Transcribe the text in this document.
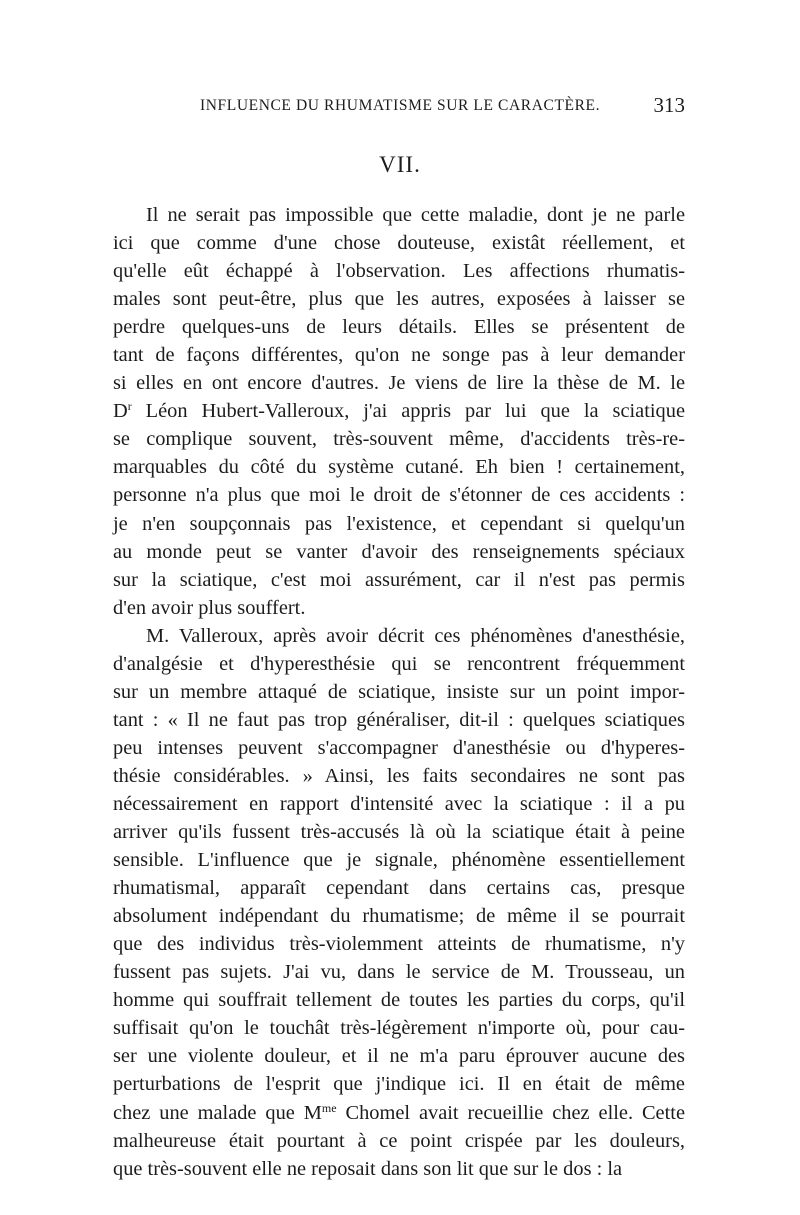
INFLUENCE DU RHUMATISME SUR LE CARACTÈRE.	313
VII.
Il ne serait pas impossible que cette maladie, dont je ne parle
ici que comme d'une chose douteuse, existât réellement, et
qu'elle eût échappé à l'observation. Les affections rhumatis-
males sont peut-être, plus que les autres, exposées à laisser se
perdre quelques-uns de leurs détails. Elles se présentent de
tant de façons différentes, qu'on ne songe pas à leur demander
si elles en ont encore d'autres. Je viens de lire la thèse de M. le
$D^r$ Léon Hubert-Valleroux, j'ai appris par lui que la sciatique
se complique souvent, très-souvent même, d'accidents très-re-
marquables du côté du système cutané. Eh bien ! certainement,
personne n'a plus que moi le droit de s'étonner de ces accidents :
je n'en soupçonnais pas l'existence, et cependant si quelqu'un
au monde peut se vanter d'avoir des renseignements spéciaux
sur la sciatique, c'est moi assurément, car il n'est pas permis
d'en avoir plus souffert.
M. Valleroux, après avoir décrit ces phénomènes d'anesthésie,
d'analgésie et d'hyperesthésie qui se rencontrent fréquemment
sur un membre attaqué de sciatique, insiste sur un point impor-
tant : « Il ne faut pas trop généraliser, dit-il : quelques sciatiques
peu intenses peuvent s'accompagner d'anesthésie ou d'hyperes-
thésie considérables. » Ainsi, les faits secondaires ne sont pas
nécessairement en rapport d'intensité avec la sciatique : il a pu
arriver qu'ils fussent très-accusés là où la sciatique était à peine
sensible. L'influence que je signale, phénomène essentiellement
rhumatismal, apparaît cependant dans certains cas, presque
absolument indépendant du rhumatisme; de même il se pourrait
que des individus très-violemment atteints de rhumatisme, n'y
fussent pas sujets. J'ai vu, dans le service de M. Trousseau, un
homme qui souffrait tellement de toutes les parties du corps, qu'il
suffisait qu'on le touchât très-légèrement n'importe où, pour cau-
ser une violente douleur, et il ne m'a paru éprouver aucune des
perturbations de l'esprit que j'indique ici. Il en était de même
chez une malade que $M^{me}$ Chomel avait recueillie chez elle. Cette
malheureuse était pourtant à ce point crispée par les douleurs,
que très-souvent elle ne reposait dans son lit que sur le dos : la
